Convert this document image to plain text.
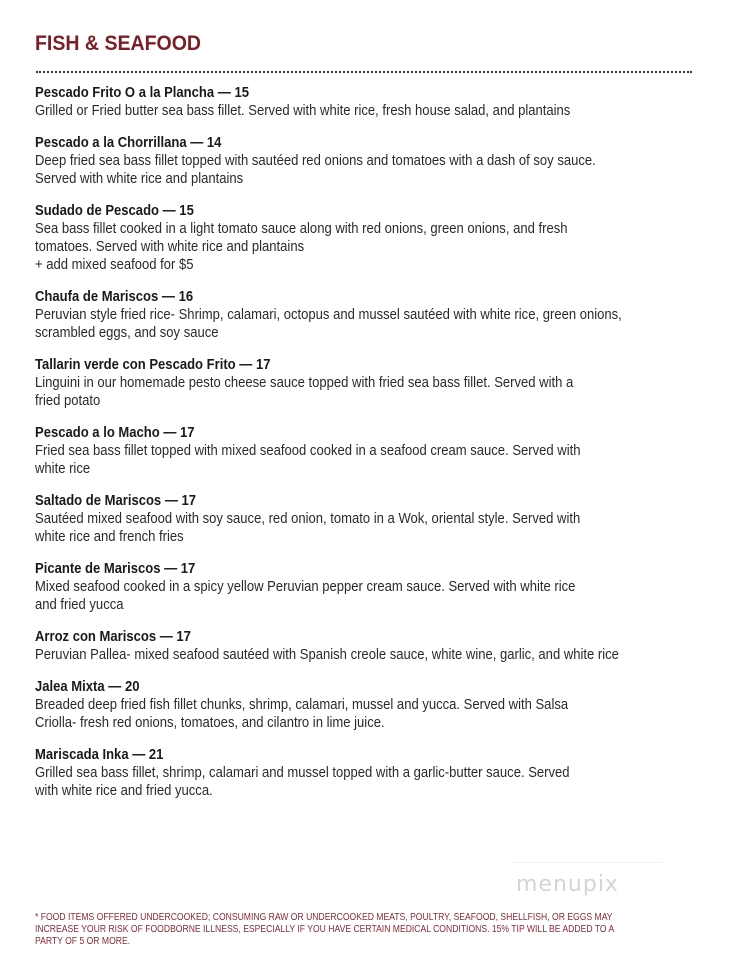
FISH & SEAFOOD
Pescado Frito O a la Plancha — 15
Grilled or Fried butter sea bass fillet. Served with white rice, fresh house salad, and plantains
Pescado a la Chorrillana — 14
Deep fried sea bass fillet topped with sautéed red onions and tomatoes with a dash of soy sauce.
Served with white rice and plantains
Sudado de Pescado — 15
Sea bass fillet cooked in a light tomato sauce along with red onions, green onions, and fresh
tomatoes. Served with white rice and plantains
+ add mixed seafood for $5
Chaufa de Mariscos — 16
Peruvian style fried rice- Shrimp, calamari, octopus and mussel sautéed with white rice, green onions,
scrambled eggs, and soy sauce
Tallarin verde con Pescado Frito — 17
Linguini in our homemade pesto cheese sauce topped with fried sea bass fillet. Served with a
fried potato
Pescado a lo Macho — 17
Fried sea bass fillet topped with mixed seafood cooked in a seafood cream sauce. Served with
white rice
Saltado de Mariscos — 17
Sautéed mixed seafood with soy sauce, red onion, tomato in a Wok, oriental style. Served with
white rice and french fries
Picante de Mariscos — 17
Mixed seafood cooked in a spicy yellow Peruvian pepper cream sauce. Served with white rice
and fried yucca
Arroz con Mariscos — 17
Peruvian Pallea- mixed seafood sautéed with Spanish creole sauce, white wine, garlic, and white rice
Jalea Mixta — 20
Breaded deep fried fish fillet chunks, shrimp, calamari, mussel and yucca. Served with Salsa
Criolla- fresh red onions, tomatoes, and cilantro in lime juice.
Mariscada Inka — 21
Grilled sea bass fillet, shrimp, calamari and mussel topped with a garlic-butter sauce. Served
with white rice and fried yucca.
menupix
* FOOD ITEMS OFFERED UNDERCOOKED; CONSUMING RAW OR UNDERCOOKED MEATS, POULTRY, SEAFOOD, SHELLFISH, OR EGGS MAY
INCREASE YOUR RISK OF FOODBORNE ILLNESS, ESPECIALLY IF YOU HAVE CERTAIN MEDICAL CONDITIONS. 15% TIP WILL BE ADDED TO A
PARTY OF 5 OR MORE.
